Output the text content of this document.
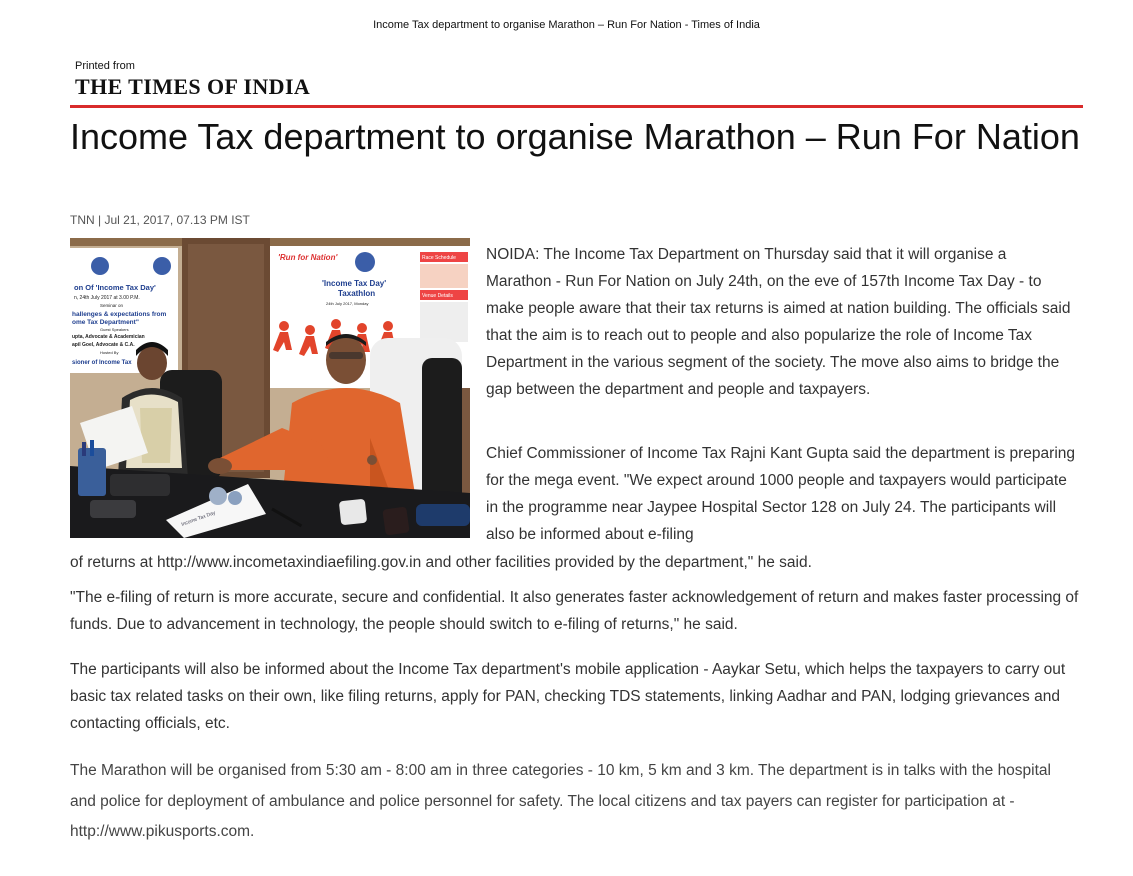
Income Tax department to organise Marathon – Run For Nation - Times of India
Printed from
THE TIMES OF INDIA
Income Tax department to organise Marathon – Run For Nation
TNN | Jul 21, 2017, 07.13 PM IST
on Of 'Income Tax Day'
n, 24th July 2017 at 3.00 P.M.
Seminar on
hallenges & expectations from
ome Tax Department"
Guest Speakers
upta, Advocate & Academician
apil Goel, Advocate & C.A.
Hosted By
sioner of Income Tax
'Run for Nation'
'Income Tax Day'
Taxathlon
24th July 2017, Monday
Race Schedule
Venue Details
Income Tax Day

NOIDA: The Income Tax Department on Thursday said that it will organise a Marathon - Run For Nation on July 24th, on the eve of 157th Income Tax Day - to make people aware that their tax returns is aimed at nation building. The officials said that the aim is to reach out to people and also popularize the role of Income Tax Department in the various segment of the society. The move also aims to bridge the gap between the department and people and taxpayers.

Chief Commissioner of Income Tax Rajni Kant Gupta said the department is preparing for the mega event. "We expect around 1000 people and taxpayers would participate in the programme near Jaypee Hospital Sector 128 on July 24. The participants will also be informed about e-filing

of returns at http://www.incometaxindiaefiling.gov.in and other facilities provided by the department," he said.

"The e-filing of return is more accurate, secure and confidential. It also generates faster acknowledgement of return and makes faster processing of funds. Due to advancement in technology, the people should switch to e-filing of returns," he said.

The participants will also be informed about the Income Tax department's mobile application - Aaykar Setu, which helps the taxpayers to carry out basic tax related tasks on their own, like filing returns, apply for PAN, checking TDS statements, linking Aadhar and PAN, lodging grievances and contacting officials, etc.

The Marathon will be organised from 5:30 am - 8:00 am in three categories - 10 km, 5 km and 3 km. The department is in talks with the hospital and police for deployment of ambulance and police personnel for safety. The local citizens and tax payers can register for participation at - http://www.pikusports.com.
